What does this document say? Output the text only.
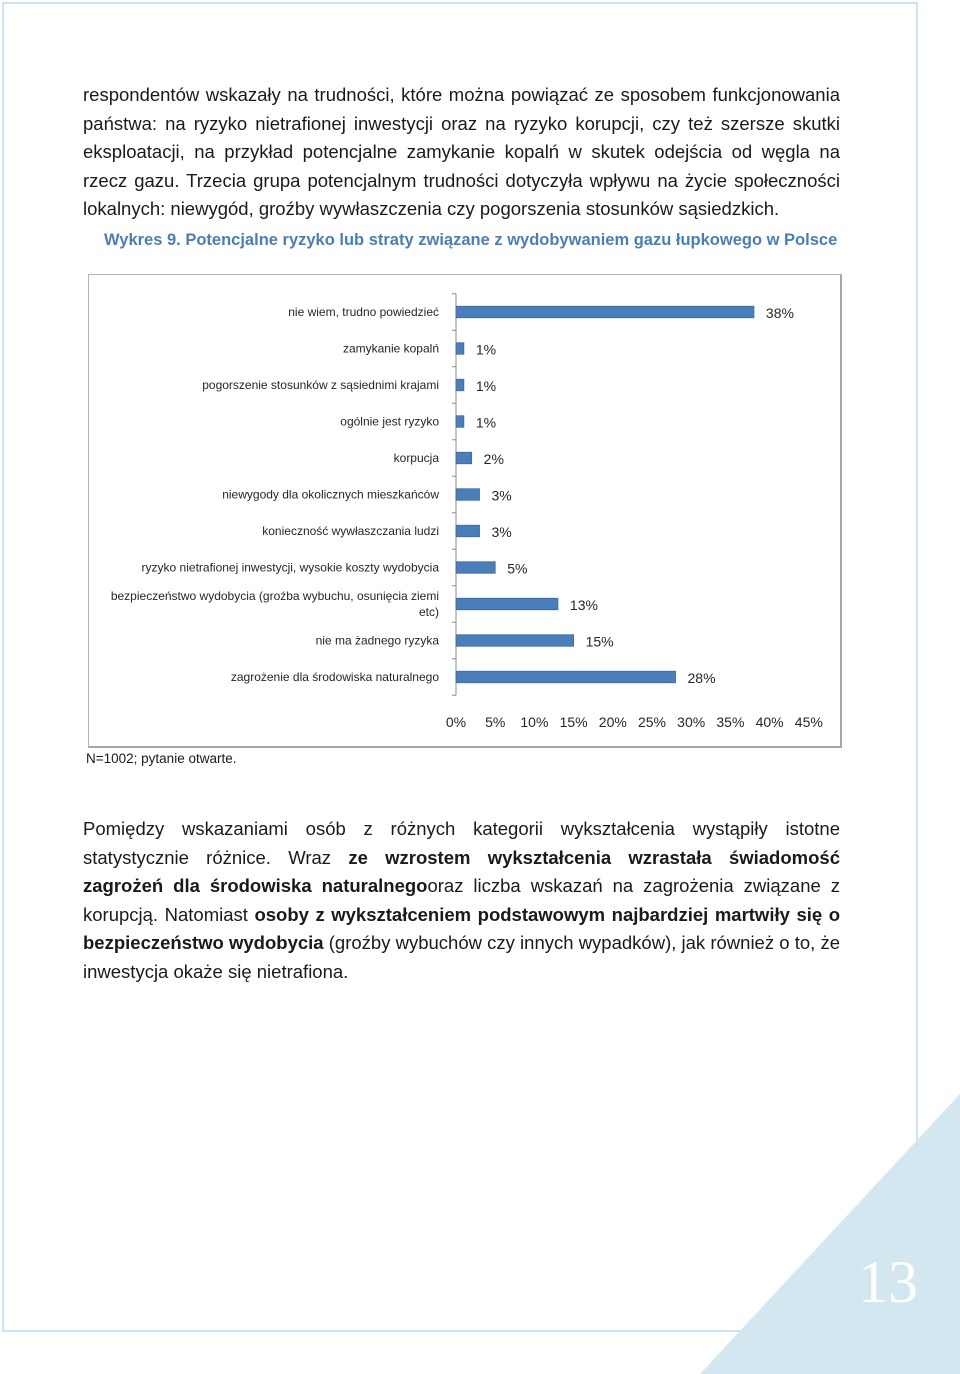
13

respondentów wskazały na trudności, które można powiązać ze sposobem funkcjonowania państwa: na ryzyko nietrafionej inwestycji oraz na ryzyko korupcji, czy też szersze skutki eksploatacji, na przykład potencjalne zamykanie kopalń w skutek odejścia od węgla na rzecz gazu. Trzecia grupa potencjalnym trudności dotyczyła wpływu na życie społeczności lokalnych: niewygód, groźby wywłaszczenia czy pogorszenia stosunków sąsiedzkich.

Wykres 9. Potencjalne ryzyko lub straty związane z wydobywaniem gazu łupkowego w Polsce
nie wiem, trudno powiedzieć	38%
zamykanie kopalń	1%
pogorszenie stosunków z sąsiednimi krajami	1%
ogólnie jest ryzyko	1%
korpucja	2%
niewygody dla okolicznych mieszkańców	3%
konieczność wywłaszczania ludzi	3%
ryzyko nietrafionej inwestycji, wysokie koszty wydobycia	5%
bezpieczeństwo wydobycia (groźba wybuchu, osunięcia ziemi
etc)	13%
nie ma żadnego ryzyka	15%
zagrożenie dla środowiska naturalnego	28%
0% 5% 10% 15% 20% 25% 30% 35% 40% 45%
N=1002; pytanie otwarte.

Pomiędzy wskazaniami osób z różnych kategorii wykształcenia wystąpiły istotne statystycznie różnice. Wraz ze wzrostem wykształcenia wzrastała świadomość zagrożeń dla środowiska naturalnegooraz liczba wskazań na zagrożenia związane z korupcją. Natomiast osoby z wykształceniem podstawowym najbardziej martwiły się o bezpieczeństwo wydobycia (groźby wybuchów czy innych wypadków), jak również o to, że inwestycja okaże się nietrafiona.
